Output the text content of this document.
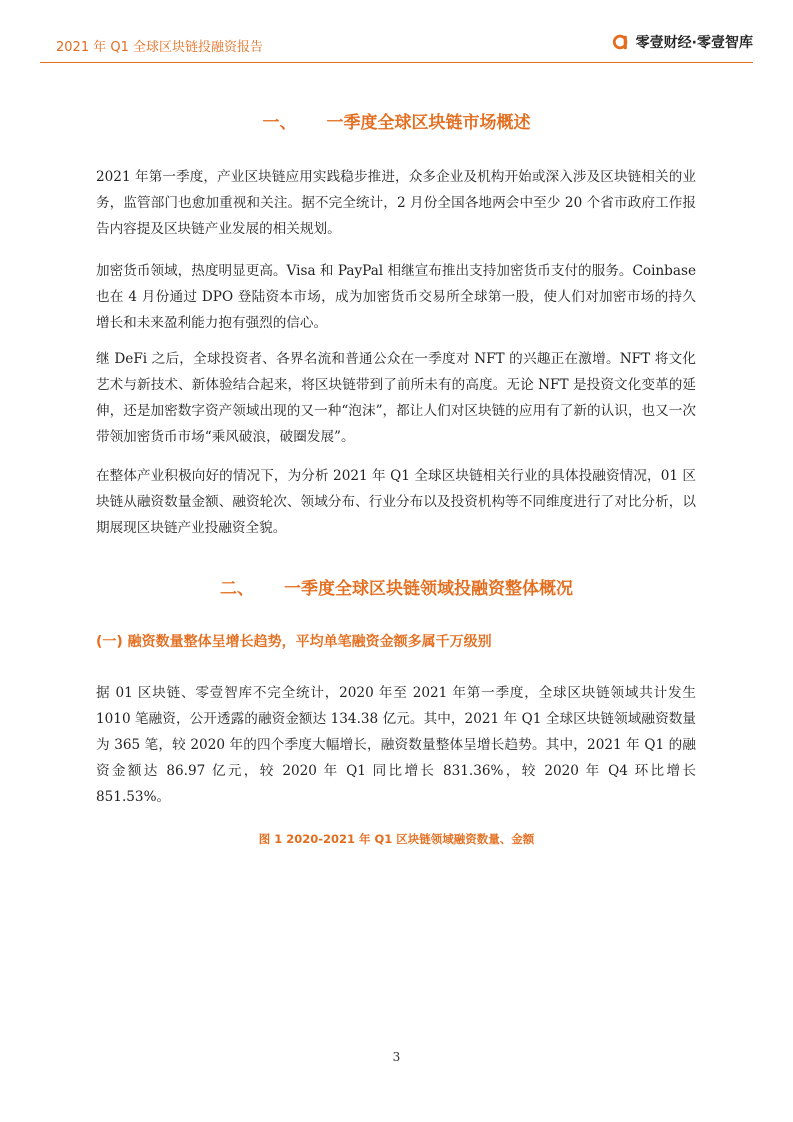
2021 年 Q1 全球区块链投融资报告	零壹财经·零壹智库
一、 一季度全球区块链市场概述

2021 年第一季度，产业区块链应用实践稳步推进，众多企业及机构开始或深入涉及区块链相关的业务，监管部门也愈加重视和关注。据不完全统计，2 月份全国各地两会中至少 20 个省市政府工作报告内容提及区块链产业发展的相关规划。

加密货币领域，热度明显更高。Visa 和 PayPal 相继宣布推出支持加密货币支付的服务。Coinbase 也在 4 月份通过 DPO 登陆资本市场，成为加密货币交易所全球第一股，使人们对加密市场的持久增长和未来盈利能力抱有强烈的信心。

继 DeFi 之后，全球投资者、各界名流和普通公众在一季度对 NFT 的兴趣正在激增。NFT 将文化艺术与新技术、新体验结合起来，将区块链带到了前所未有的高度。无论 NFT 是投资文化变革的延伸，还是加密数字资产领域出现的又一种“泡沫”，都让人们对区块链的应用有了新的认识，也又一次带领加密货币市场“乘风破浪，破圈发展”。

在整体产业积极向好的情况下，为分析 2021 年 Q1 全球区块链相关行业的具体投融资情况，01 区块链从融资数量金额、融资轮次、领域分布、行业分布以及投资机构等不同维度进行了对比分析，以期展现区块链产业投融资全貌。

二、 一季度全球区块链领域投融资整体概况
(一) 融资数量整体呈增长趋势，平均单笔融资金额多属千万级别

据 01 区块链、零壹智库不完全统计，2020 年至 2021 年第一季度，全球区块链领域共计发生 1010 笔融资，公开透露的融资金额达 134.38 亿元。其中，2021 年 Q1 全球区块链领域融资数量为 365 笔，较 2020 年的四个季度大幅增长，融资数量整体呈增长趋势。其中，2021 年 Q1 的融资金额达 86.97 亿元，较 2020 年 Q1 同比增长 831.36%，较 2020 年 Q4 环比增长 851.53%。

图 1 2020-2021 年 Q1 区块链领域融资数量、金额
3
